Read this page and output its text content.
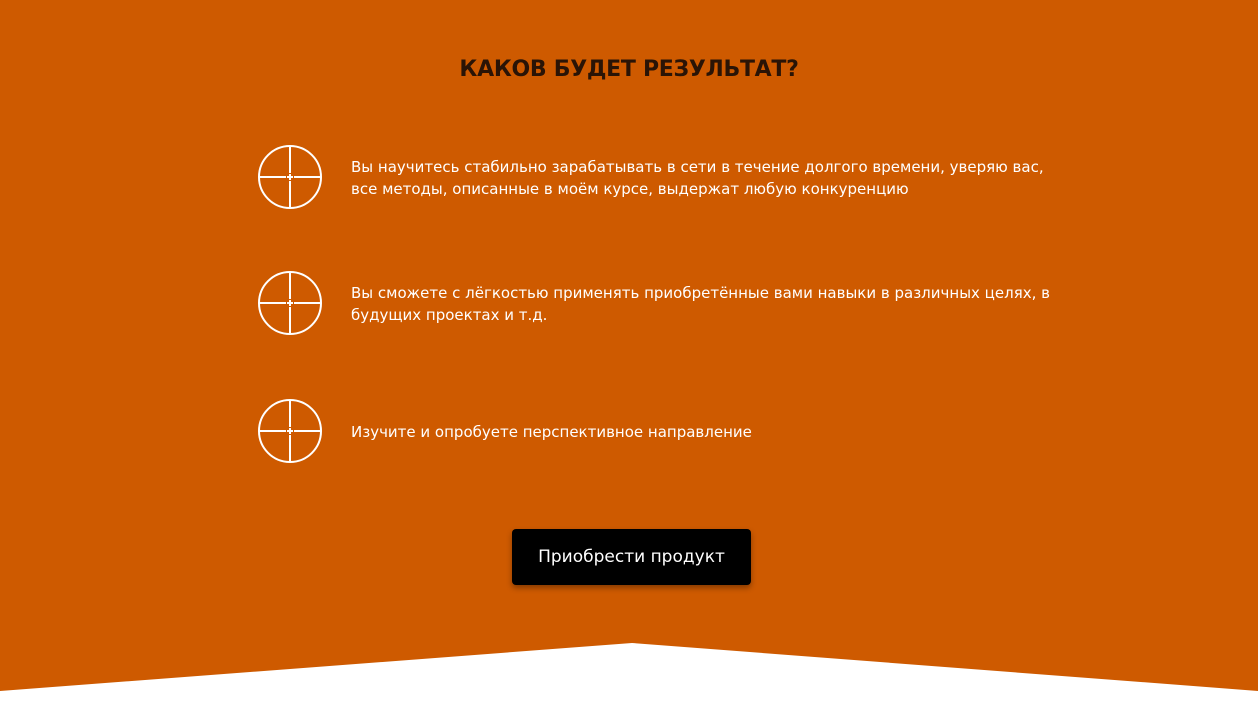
КАКОВ БУДЕТ РЕЗУЛЬТАТ?
Вы научитесь стабильно зарабатывать в сети в течение долгого времени, уверяю вас, все методы, описанные в моём курсе, выдержат любую конкуренцию
Вы сможете с лёгкостью применять приобретённые вами навыки в различных целях, в будущих проектах и т.д.
Изучите и опробуете перспективное направление
Приобрести продукт
